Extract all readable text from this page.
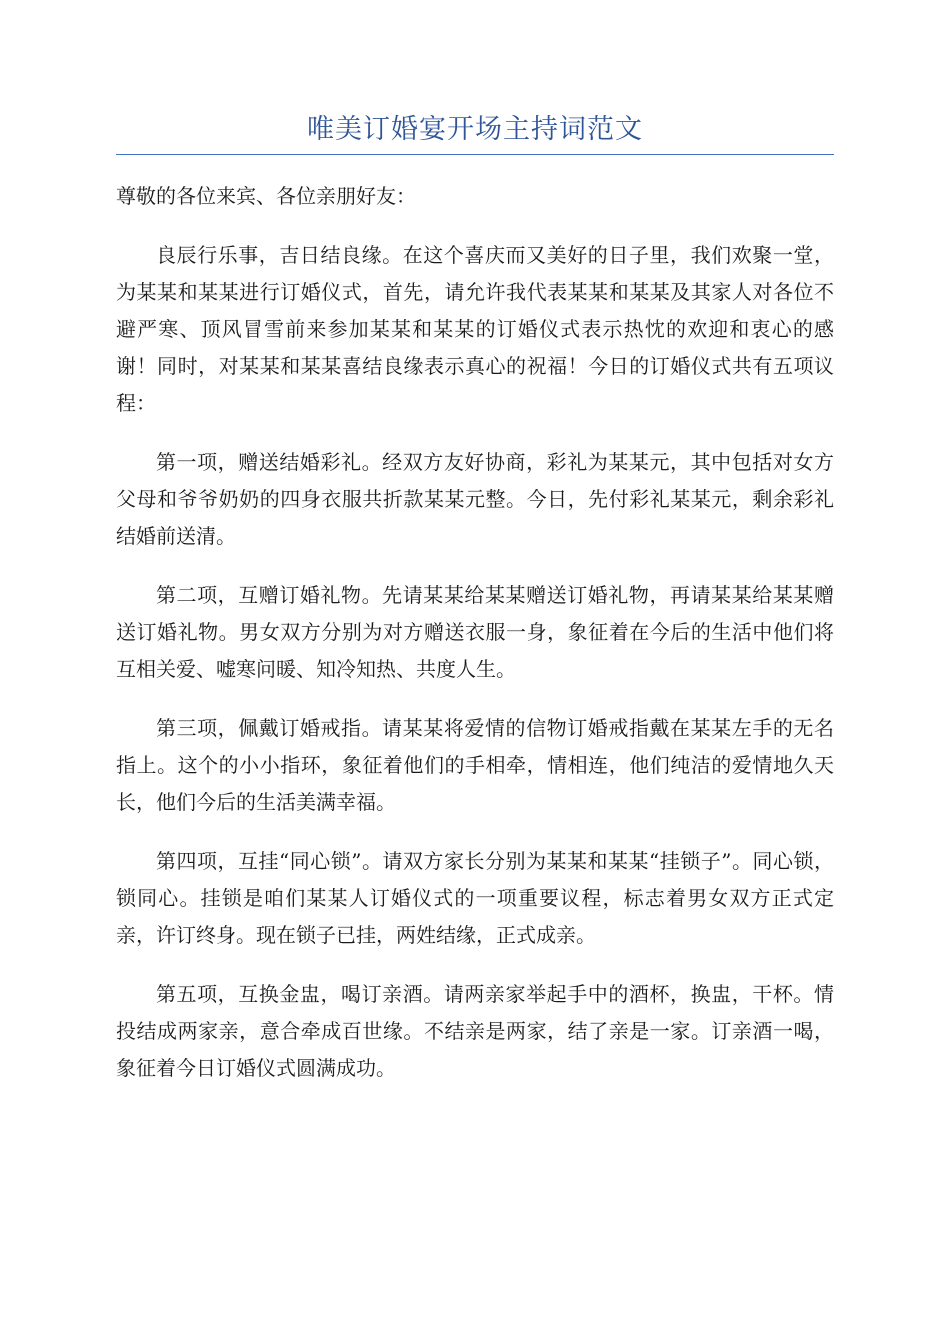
唯美订婚宴开场主持词范文

尊敬的各位来宾、各位亲朋好友：

良辰行乐事，吉日结良缘。在这个喜庆而又美好的日子里，我们欢聚一堂，为某某和某某进行订婚仪式，首先，请允许我代表某某和某某及其家人对各位不避严寒、顶风冒雪前来参加某某和某某的订婚仪式表示热忱的欢迎和衷心的感谢！同时，对某某和某某喜结良缘表示真心的祝福！今日的订婚仪式共有五项议程：

第一项，赠送结婚彩礼。经双方友好协商，彩礼为某某元，其中包括对女方父母和爷爷奶奶的四身衣服共折款某某元整。今日，先付彩礼某某元，剩余彩礼结婚前送清。

第二项，互赠订婚礼物。先请某某给某某赠送订婚礼物，再请某某给某某赠送订婚礼物。男女双方分别为对方赠送衣服一身，象征着在今后的生活中他们将互相关爱、嘘寒问暖、知冷知热、共度人生。

第三项，佩戴订婚戒指。请某某将爱情的信物订婚戒指戴在某某左手的无名指上。这个的小小指环，象征着他们的手相牵，情相连，他们纯洁的爱情地久天长，他们今后的生活美满幸福。

第四项，互挂“同心锁”。请双方家长分别为某某和某某“挂锁子”。同心锁，锁同心。挂锁是咱们某某人订婚仪式的一项重要议程，标志着男女双方正式定亲，许订终身。现在锁子已挂，两姓结缘，正式成亲。

第五项，互换金盅，喝订亲酒。请两亲家举起手中的酒杯，换盅，干杯。情投结成两家亲，意合牵成百世缘。不结亲是两家，结了亲是一家。订亲酒一喝，象征着今日订婚仪式圆满成功。
